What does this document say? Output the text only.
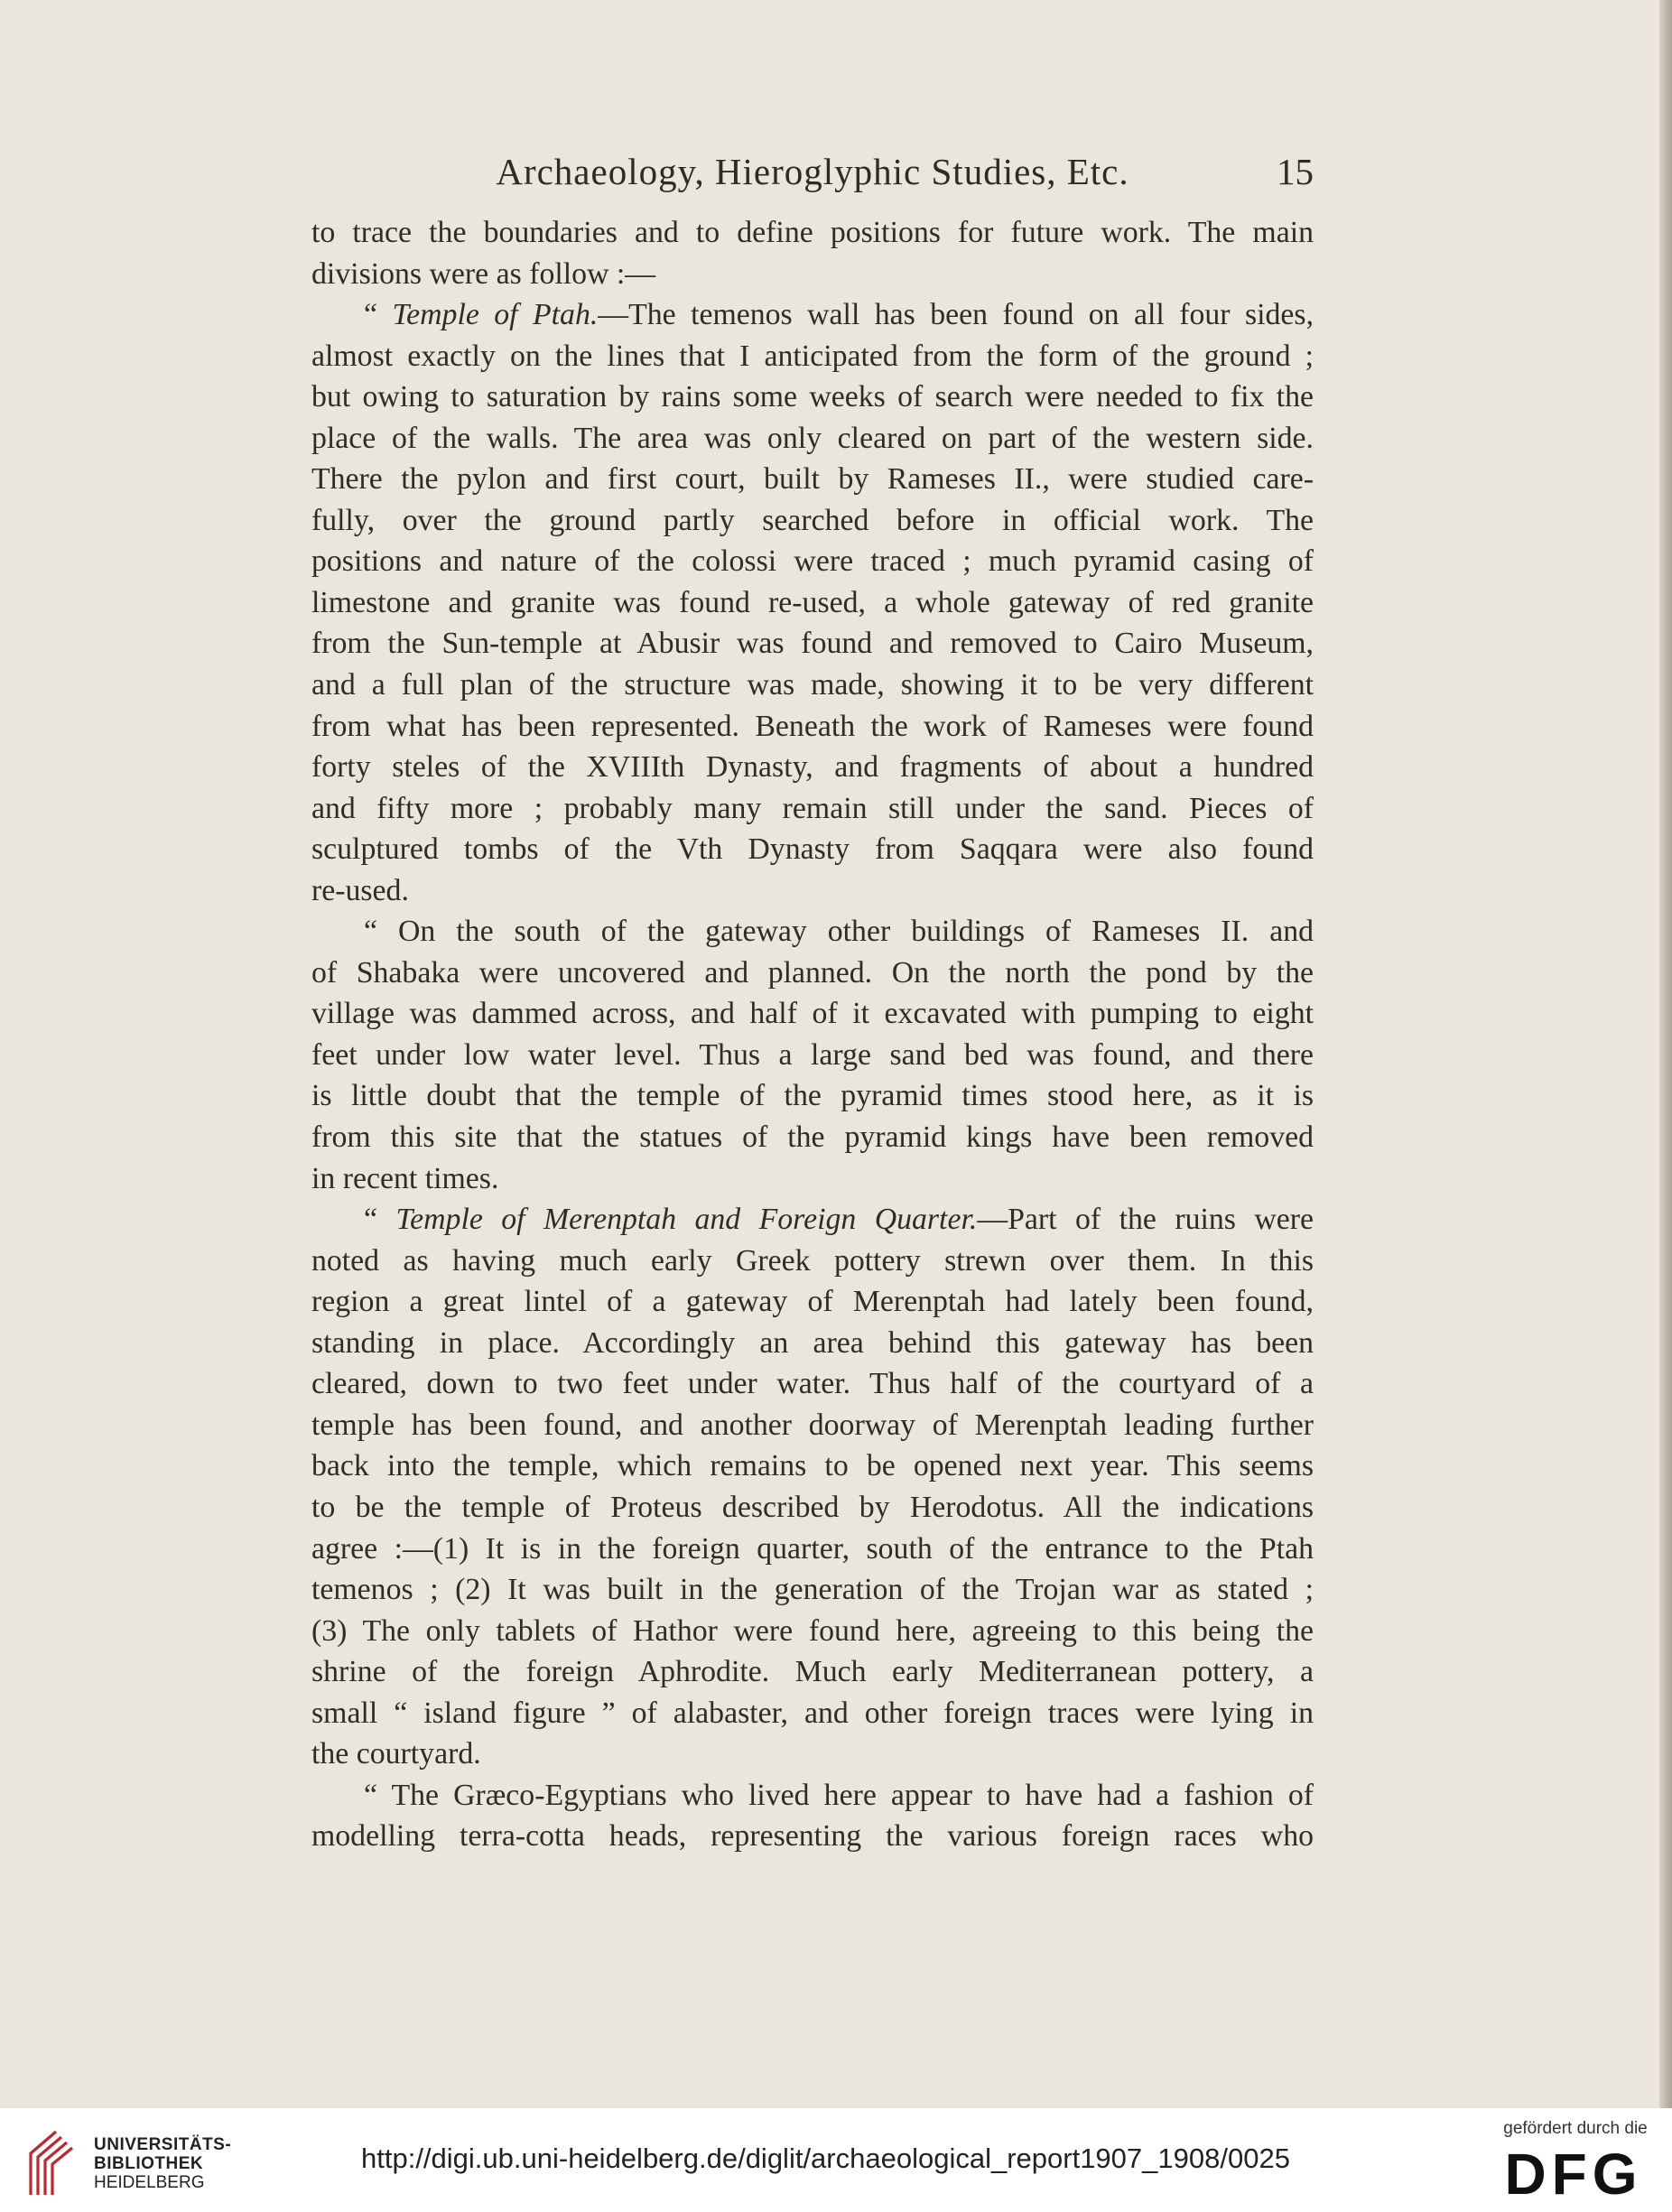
Archaeology, Hieroglyphic Studies, Etc.	15
to trace the boundaries and to define positions for future work. The main
divisions were as follow :—
“ Temple of Ptah.—The temenos wall has been found on all four sides,
almost exactly on the lines that I anticipated from the form of the ground ;
but owing to saturation by rains some weeks of search were needed to fix the
place of the walls. The area was only cleared on part of the western side.
There the pylon and first court, built by Rameses II., were studied care-
fully, over the ground partly searched before in official work. The
positions and nature of the colossi were traced ; much pyramid casing of
limestone and granite was found re-used, a whole gateway of red granite
from the Sun-temple at Abusir was found and removed to Cairo Museum,
and a full plan of the structure was made, showing it to be very different
from what has been represented. Beneath the work of Rameses were found
forty steles of the XVIIIth Dynasty, and fragments of about a hundred
and fifty more ; probably many remain still under the sand. Pieces of
sculptured tombs of the Vth Dynasty from Saqqara were also found
re-used.
“ On the south of the gateway other buildings of Rameses II. and
of Shabaka were uncovered and planned. On the north the pond by the
village was dammed across, and half of it excavated with pumping to eight
feet under low water level. Thus a large sand bed was found, and there
is little doubt that the temple of the pyramid times stood here, as it is
from this site that the statues of the pyramid kings have been removed
in recent times.
“ Temple of Merenptah and Foreign Quarter.—Part of the ruins were
noted as having much early Greek pottery strewn over them. In this
region a great lintel of a gateway of Merenptah had lately been found,
standing in place. Accordingly an area behind this gateway has been
cleared, down to two feet under water. Thus half of the courtyard of a
temple has been found, and another doorway of Merenptah leading further
back into the temple, which remains to be opened next year. This seems
to be the temple of Proteus described by Herodotus. All the indications
agree :—(1) It is in the foreign quarter, south of the entrance to the Ptah
temenos ; (2) It was built in the generation of the Trojan war as stated ;
(3) The only tablets of Hathor were found here, agreeing to this being the
shrine of the foreign Aphrodite. Much early Mediterranean pottery, a
small “ island figure ” of alabaster, and other foreign traces were lying in
the courtyard.
“ The Græco-Egyptians who lived here appear to have had a fashion of
modelling terra-cotta heads, representing the various foreign races who
UNIVERSITÄTS-
BIBLIOTHEK
HEIDELBERG
http://digi.ub.uni-heidelberg.de/diglit/archaeological_report1907_1908/0025
gefördert durch die
DFG
